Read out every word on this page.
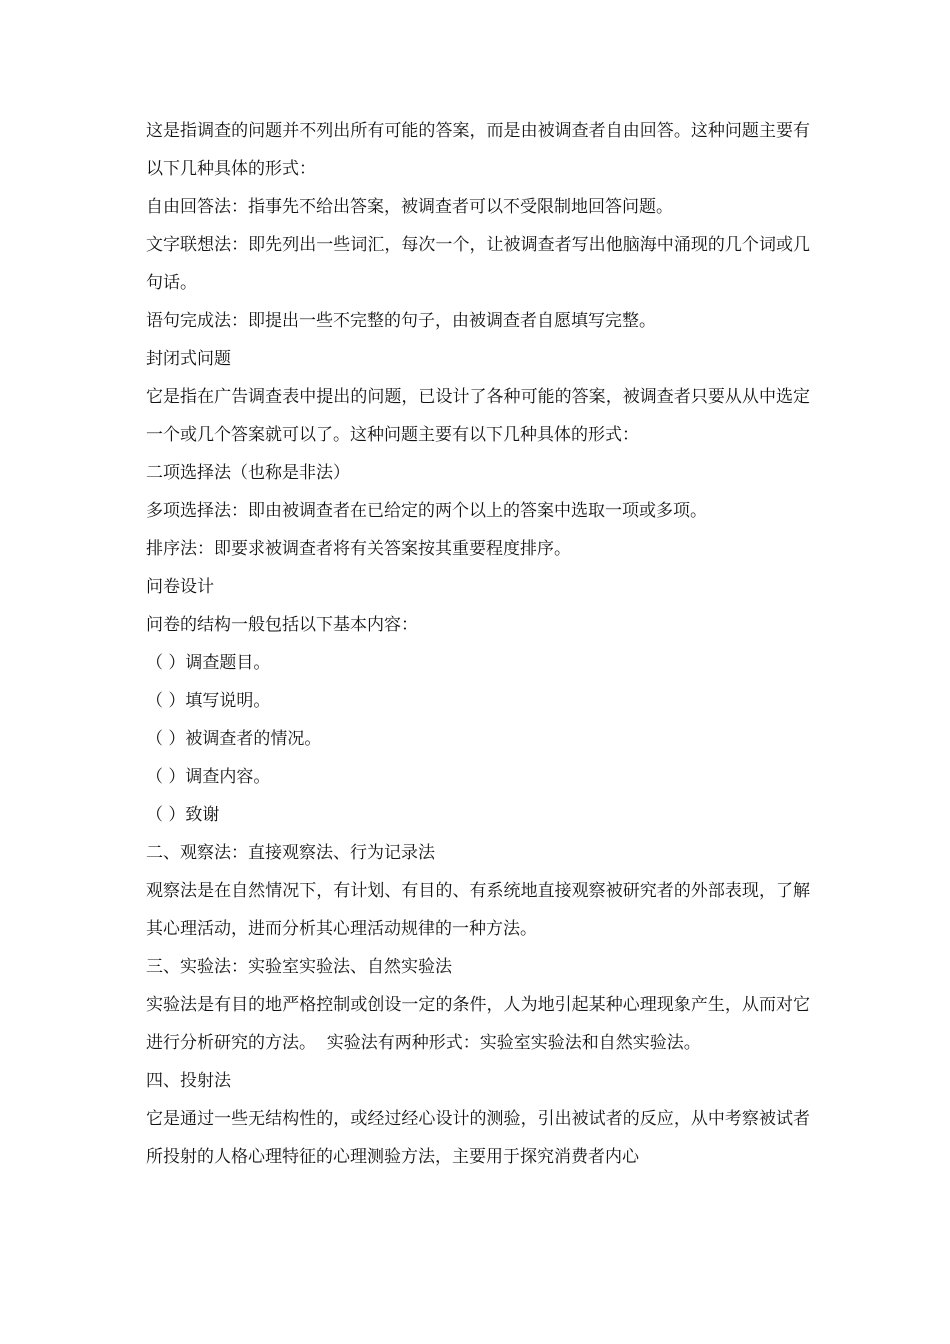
这是指调查的问题并不列出所有可能的答案，而是由被调查者自由回答。这种问题主要有以下几种具体的形式：

自由回答法：指事先不给出答案，被调查者可以不受限制地回答问题。

文字联想法：即先列出一些词汇，每次一个，让被调查者写出他脑海中涌现的几个词或几句话。

语句完成法：即提出一些不完整的句子，由被调查者自愿填写完整。

封闭式问题

它是指在广告调查表中提出的问题，已设计了各种可能的答案，被调查者只要从从中选定一个或几个答案就可以了。这种问题主要有以下几种具体的形式：

二项选择法（也称是非法）

多项选择法：即由被调查者在已给定的两个以上的答案中选取一项或多项。

排序法：即要求被调查者将有关答案按其重要程度排序。

问卷设计

问卷的结构一般包括以下基本内容：

（ ）调查题目。

（ ）填写说明。

（ ）被调查者的情况。

（ ）调查内容。

（ ）致谢

二、观察法：直接观察法、行为记录法

观察法是在自然情况下，有计划、有目的、有系统地直接观察被研究者的外部表现，了解其心理活动，进而分析其心理活动规律的一种方法。

三、实验法：实验室实验法、自然实验法

实验法是有目的地严格控制或创设一定的条件，人为地引起某种心理现象产生，从而对它进行分析研究的方法。  实验法有两种形式：实验室实验法和自然实验法。

四、投射法

它是通过一些无结构性的，或经过经心设计的测验，引出被试者的反应，从中考察被试者所投射的人格心理特征的心理测验方法，主要用于探究消费者内心
